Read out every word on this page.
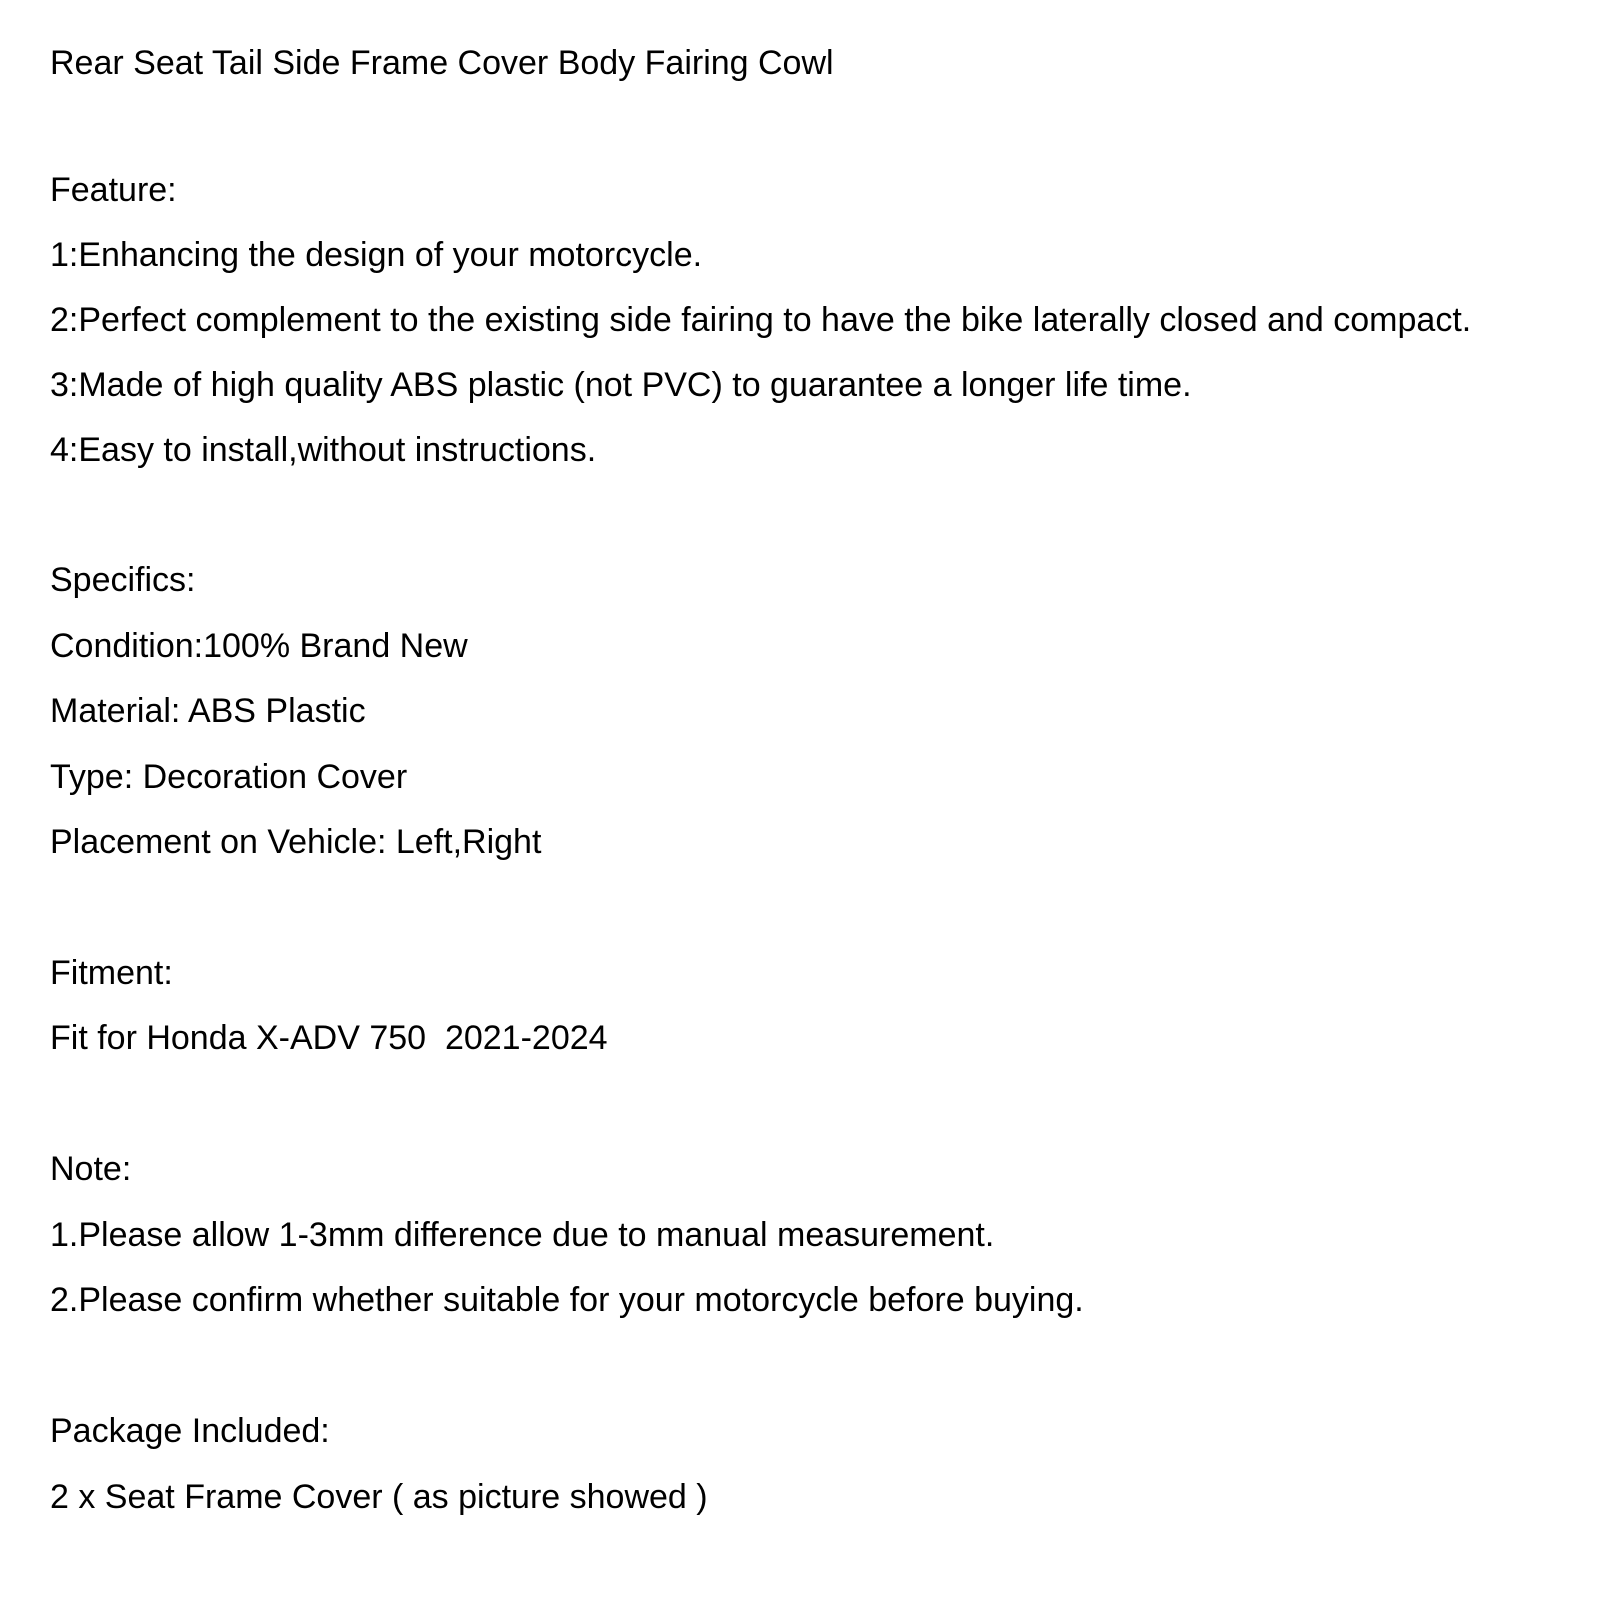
Rear Seat Tail Side Frame Cover Body Fairing Cowl
Feature:
1:Enhancing the design of your motorcycle.
2:Perfect complement to the existing side fairing to have the bike laterally closed and compact.
3:Made of high quality ABS plastic (not PVC) to guarantee a longer life time.
4:Easy to install,without instructions.
Specifics:
Condition:100% Brand New
Material: ABS Plastic
Type: Decoration Cover
Placement on Vehicle: Left,Right
Fitment:
Fit for Honda X-ADV 750  2021-2024
Note:
1.Please allow 1-3mm difference due to manual measurement.
2.Please confirm whether suitable for your motorcycle before buying.
Package Included:
2 x Seat Frame Cover ( as picture showed )
